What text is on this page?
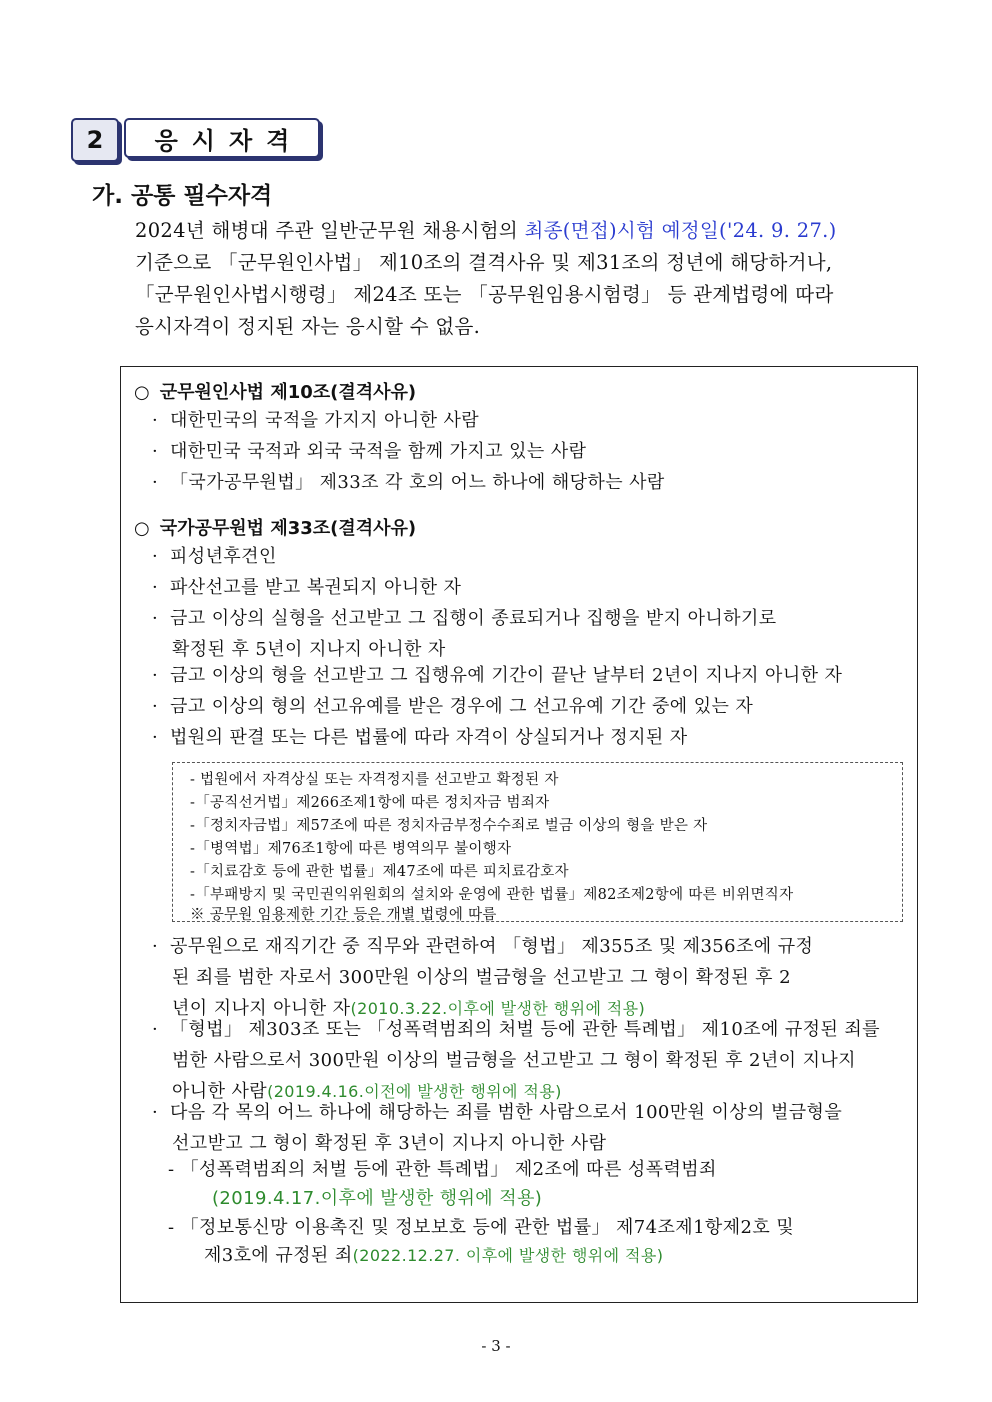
2	응시자격
가. 공통 필수자격
2024년 해병대 주관 일반군무원 채용시험의 최종(면접)시험 예정일('24. 9. 27.)
기준으로 「군무원인사법」 제10조의 결격사유 및 제31조의 정년에 해당하거나,
「군무원인사법시행령」 제24조 또는 「공무원임용시험령」 등 관계법령에 따라
응시자격이 정지된 자는 응시할 수 없음.
○ 군무원인사법 제10조(결격사유)
· 대한민국의 국적을 가지지 아니한 사람
· 대한민국 국적과 외국 국적을 함께 가지고 있는 사람
· 「국가공무원법」 제33조 각 호의 어느 하나에 해당하는 사람
○ 국가공무원법 제33조(결격사유)
· 피성년후견인
· 파산선고를 받고 복권되지 아니한 자
· 금고 이상의 실형을 선고받고 그 집행이 종료되거나 집행을 받지 아니하기로
확정된 후 5년이 지나지 아니한 자
· 금고 이상의 형을 선고받고 그 집행유예 기간이 끝난 날부터 2년이 지나지 아니한 자
· 금고 이상의 형의 선고유예를 받은 경우에 그 선고유예 기간 중에 있는 자
· 법원의 판결 또는 다른 법률에 따라 자격이 상실되거나 정지된 자
- 법원에서 자격상실 또는 자격정지를 선고받고 확정된 자
-「공직선거법」제266조제1항에 따른 정치자금 범죄자
-「정치자금법」제57조에 따른 정치자금부정수수죄로 벌금 이상의 형을 받은 자
-「병역법」제76조1항에 따른 병역의무 불이행자
-「치료감호 등에 관한 법률」제47조에 따른 피치료감호자
-「부패방지 및 국민권익위원회의 설치와 운영에 관한 법률」제82조제2항에 따른 비위면직자
※ 공무원 임용제한 기간 등은 개별 법령에 따름
· 공무원으로 재직기간 중 직무와 관련하여 「형법」 제355조 및 제356조에 규정
된 죄를 범한 자로서 300만원 이상의 벌금형을 선고받고 그 형이 확정된 후 2
년이 지나지 아니한 자(2010.3.22.이후에 발생한 행위에 적용)
· 「형법」 제303조 또는 「성폭력범죄의 처벌 등에 관한 특례법」 제10조에 규정된 죄를
범한 사람으로서 300만원 이상의 벌금형을 선고받고 그 형이 확정된 후 2년이 지나지
아니한 사람(2019.4.16.이전에 발생한 행위에 적용)
· 다음 각 목의 어느 하나에 해당하는 죄를 범한 사람으로서 100만원 이상의 벌금형을
선고받고 그 형이 확정된 후 3년이 지나지 아니한 사람
- 「성폭력범죄의 처벌 등에 관한 특례법」 제2조에 따른 성폭력범죄
(2019.4.17.이후에 발생한 행위에 적용)
- 「정보통신망 이용촉진 및 정보보호 등에 관한 법률」 제74조제1항제2호 및
제3호에 규정된 죄(2022.12.27. 이후에 발생한 행위에 적용)
- 3 -
